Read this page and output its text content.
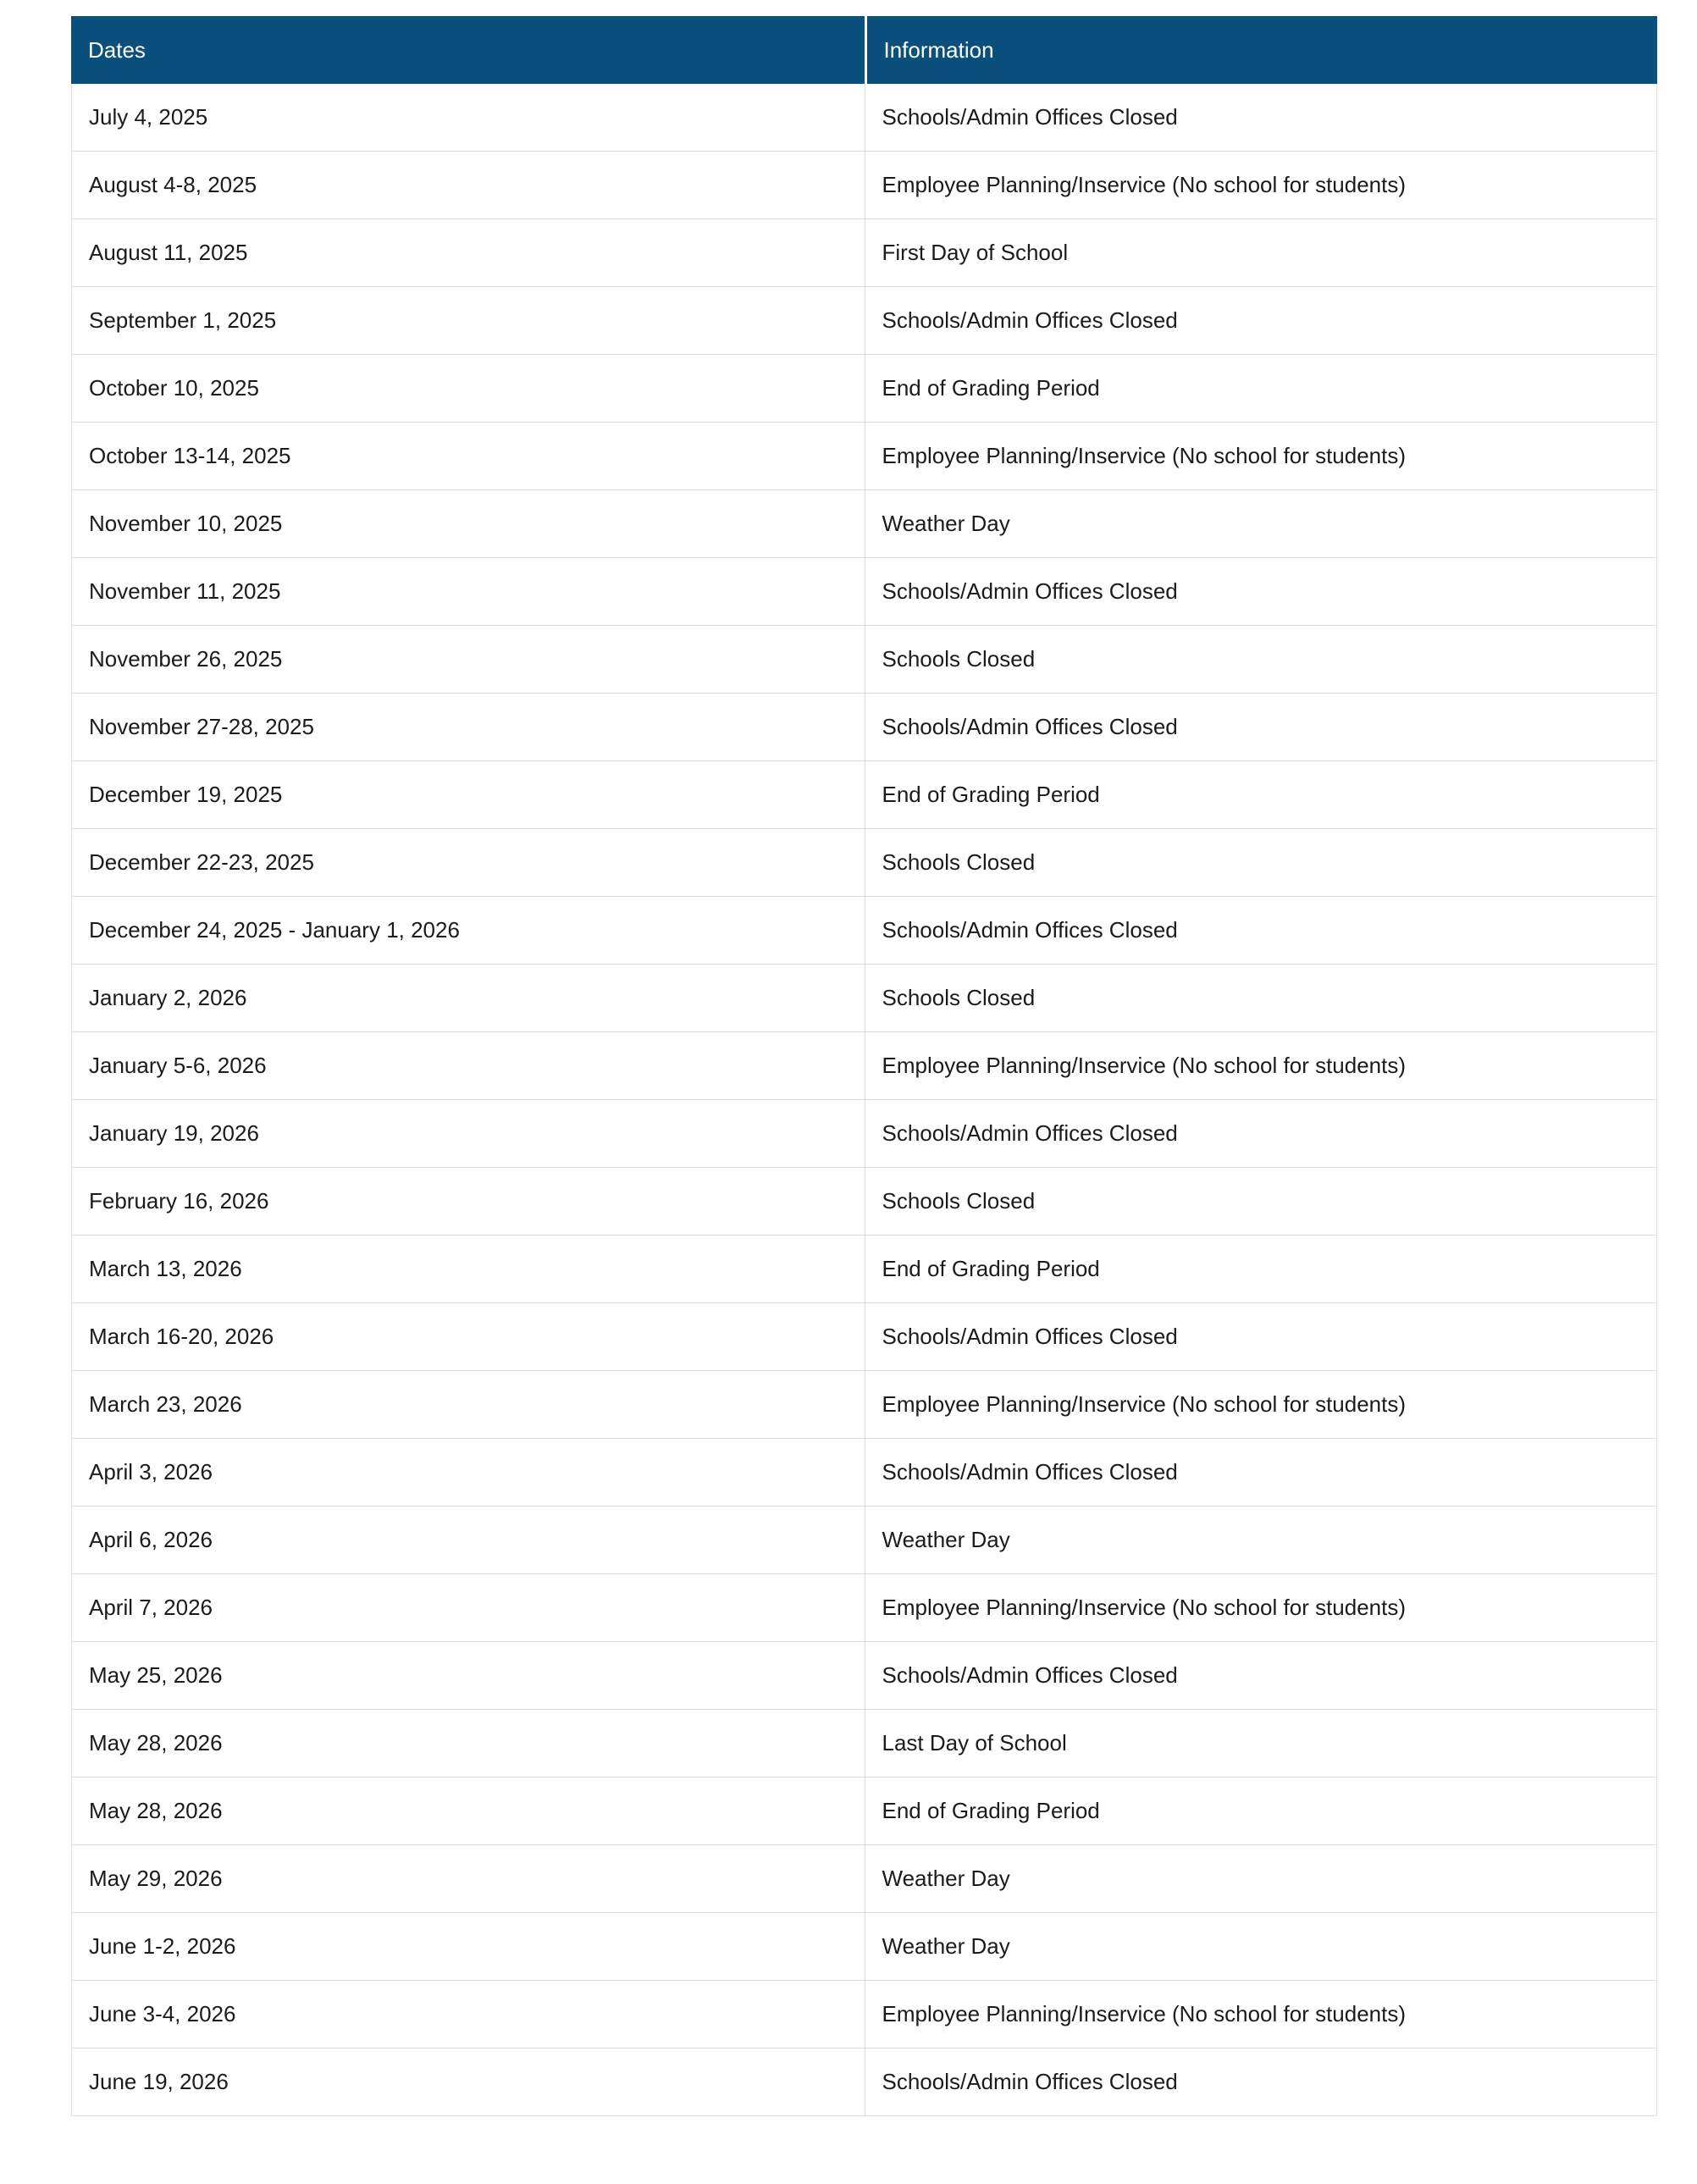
Dates	Information
July 4, 2025	Schools/Admin Offices Closed
August 4-8, 2025	Employee Planning/Inservice (No school for students)
August 11, 2025	First Day of School
September 1, 2025	Schools/Admin Offices Closed
October 10, 2025	End of Grading Period
October 13-14, 2025	Employee Planning/Inservice (No school for students)
November 10, 2025	Weather Day
November 11, 2025	Schools/Admin Offices Closed
November 26, 2025	Schools Closed
November 27-28, 2025	Schools/Admin Offices Closed
December 19, 2025	End of Grading Period
December 22-23, 2025	Schools Closed
December 24, 2025 - January 1, 2026	Schools/Admin Offices Closed
January 2, 2026	Schools Closed
January 5-6, 2026	Employee Planning/Inservice (No school for students)
January 19, 2026	Schools/Admin Offices Closed
February 16, 2026	Schools Closed
March 13, 2026	End of Grading Period
March 16-20, 2026	Schools/Admin Offices Closed
March 23, 2026	Employee Planning/Inservice (No school for students)
April 3, 2026	Schools/Admin Offices Closed
April 6, 2026	Weather Day
April 7, 2026	Employee Planning/Inservice (No school for students)
May 25, 2026	Schools/Admin Offices Closed
May 28, 2026	Last Day of School
May 28, 2026	End of Grading Period
May 29, 2026	Weather Day
June 1-2, 2026	Weather Day
June 3-4, 2026	Employee Planning/Inservice (No school for students)
June 19, 2026	Schools/Admin Offices Closed
